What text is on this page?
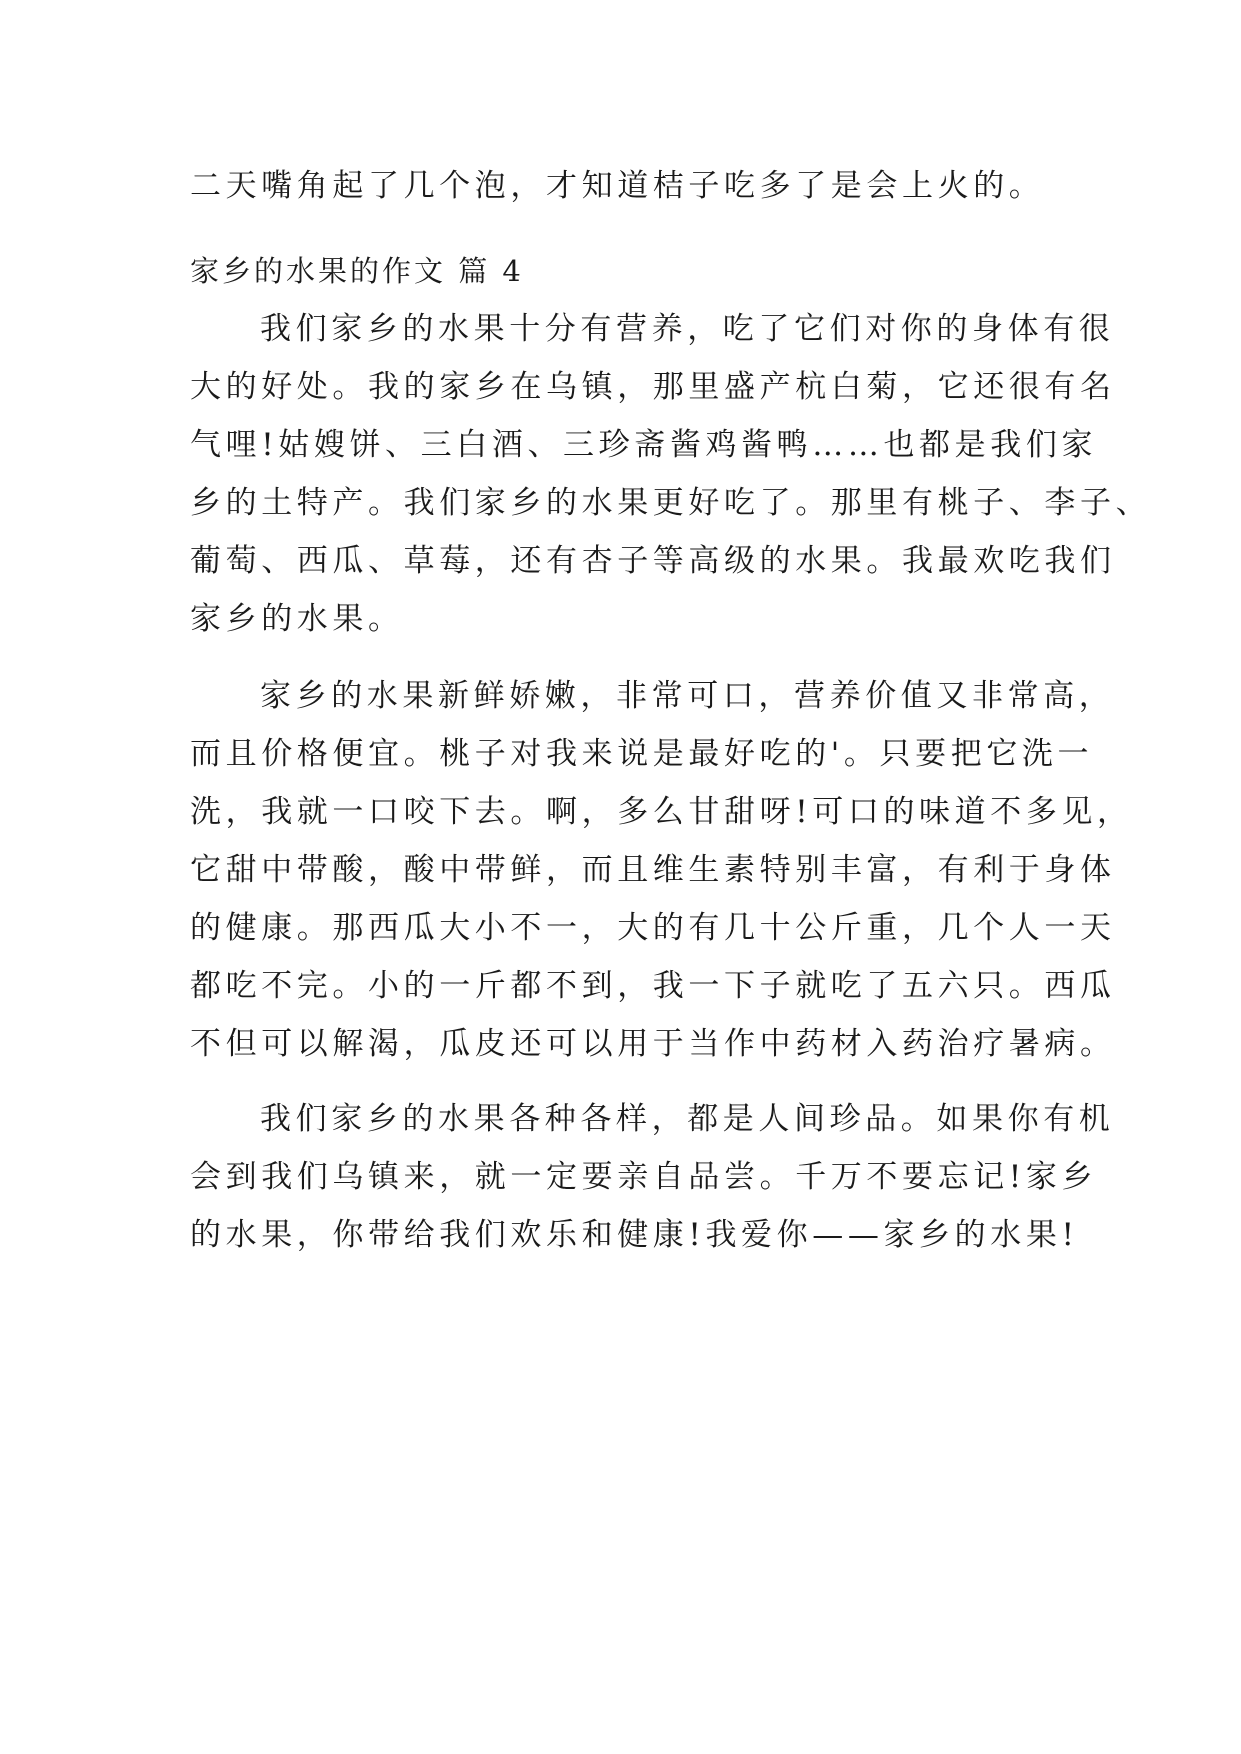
二天嘴角起了几个泡，才知道桔子吃多了是会上火的。
家乡的水果的作文 篇 4
我们家乡的水果十分有营养，吃了它们对你的身体有很
大的好处。我的家乡在乌镇，那里盛产杭白菊，它还很有名
气哩!姑嫂饼、三白酒、三珍斋酱鸡酱鸭……也都是我们家
乡的土特产。我们家乡的水果更好吃了。那里有桃子、李子、
葡萄、西瓜、草莓，还有杏子等高级的水果。我最欢吃我们
家乡的水果。
家乡的水果新鲜娇嫩，非常可口，营养价值又非常高，
而且价格便宜。桃子对我来说是最好吃的'。只要把它洗一
洗，我就一口咬下去。啊，多么甘甜呀!可口的味道不多见，
它甜中带酸，酸中带鲜，而且维生素特别丰富，有利于身体
的健康。那西瓜大小不一，大的有几十公斤重，几个人一天
都吃不完。小的一斤都不到，我一下子就吃了五六只。西瓜
不但可以解渴，瓜皮还可以用于当作中药材入药治疗暑病。
我们家乡的水果各种各样，都是人间珍品。如果你有机
会到我们乌镇来，就一定要亲自品尝。千万不要忘记!家乡
的水果，你带给我们欢乐和健康!我爱你——家乡的水果!
